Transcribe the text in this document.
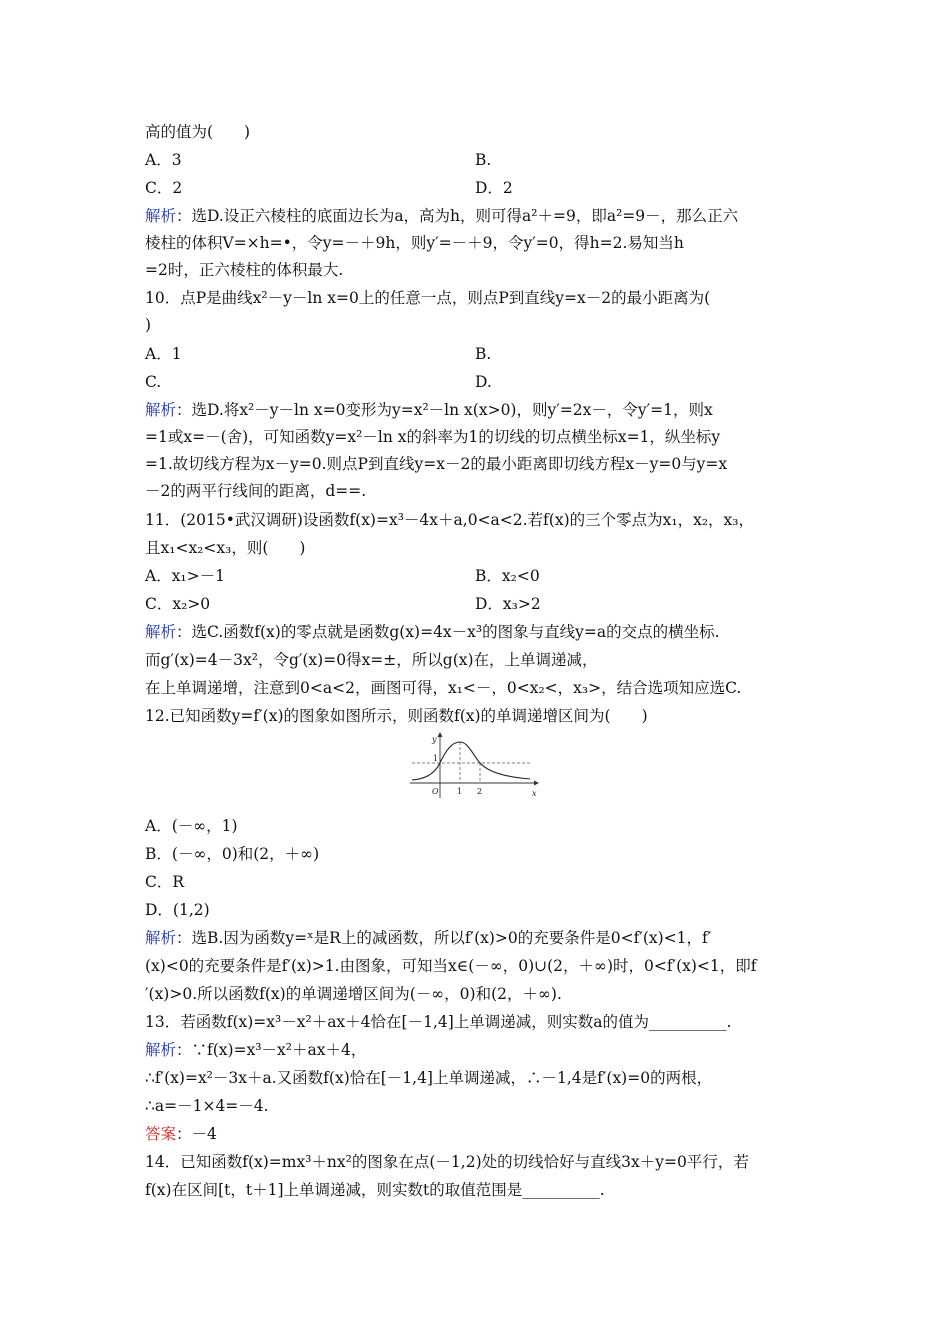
高的值为(　　)
A．3	B.
C．2	D．2
解析：选D.设正六棱柱的底面边长为a，高为h，则可得a²＋=9，即a²=9－，那么正六
棱柱的体积V=×h=•，令y=－＋9h，则y′=－＋9，令y′=0，得h=2.易知当h
=2时，正六棱柱的体积最大.
10．点P是曲线x²－y－ln x=0上的任意一点，则点P到直线y=x－2的最小距离为(
)
A．1	B.
C.	D.
解析：选D.将x²－y－ln x=0变形为y=x²－ln x(x>0)，则y′=2x－，令y′=1，则x
=1或x=－(舍)，可知函数y=x²－ln x的斜率为1的切线的切点横坐标x=1，纵坐标y
=1.故切线方程为x－y=0.则点P到直线y=x－2的最小距离即切线方程x－y=0与y=x
－2的两平行线间的距离，d==.
11．(2015•武汉调研)设函数f(x)=x³－4x＋a,0<a<2.若f(x)的三个零点为x₁，x₂，x₃，
且x₁<x₂<x₃，则(　　)
A．x₁>－1	B．x₂<0
C．x₂>0	D．x₃>2
解析：选C.函数f(x)的零点就是函数g(x)=4x－x³的图象与直线y=a的交点的横坐标.
而g′(x)=4－3x²，令g′(x)=0得x=±，所以g(x)在，上单调递减，
在上单调递增，注意到0<a<2，画图可得，x₁<－，0<x₂<，x₃>，结合选项知应选C.
12.已知函数y=f′(x)的图象如图所示，则函数f(x)的单调递增区间为(　　)
y
x
O 1 2
1
A．(－∞，1)
B．(－∞，0)和(2，＋∞)
C．R
D．(1,2)
解析：选B.因为函数y=ˣ是R上的减函数，所以f′(x)>0的充要条件是0<f′(x)<1，f′
(x)<0的充要条件是f′(x)>1.由图象，可知当x∈(－∞，0)∪(2，＋∞)时，0<f′(x)<1，即f
′(x)>0.所以函数f(x)的单调递增区间为(－∞，0)和(2，＋∞).
13．若函数f(x)=x³－x²＋ax＋4恰在[－1,4]上单调递减，则实数a的值为__________.
解析：∵f(x)=x³－x²＋ax＋4，
∴f′(x)=x²－3x＋a.又函数f(x)恰在[－1,4]上单调递减，∴－1,4是f′(x)=0的两根，
∴a=－1×4=－4.
答案：－4
14．已知函数f(x)=mx³＋nx²的图象在点(－1,2)处的切线恰好与直线3x＋y=0平行，若
f(x)在区间[t，t＋1]上单调递减，则实数t的取值范围是__________.
